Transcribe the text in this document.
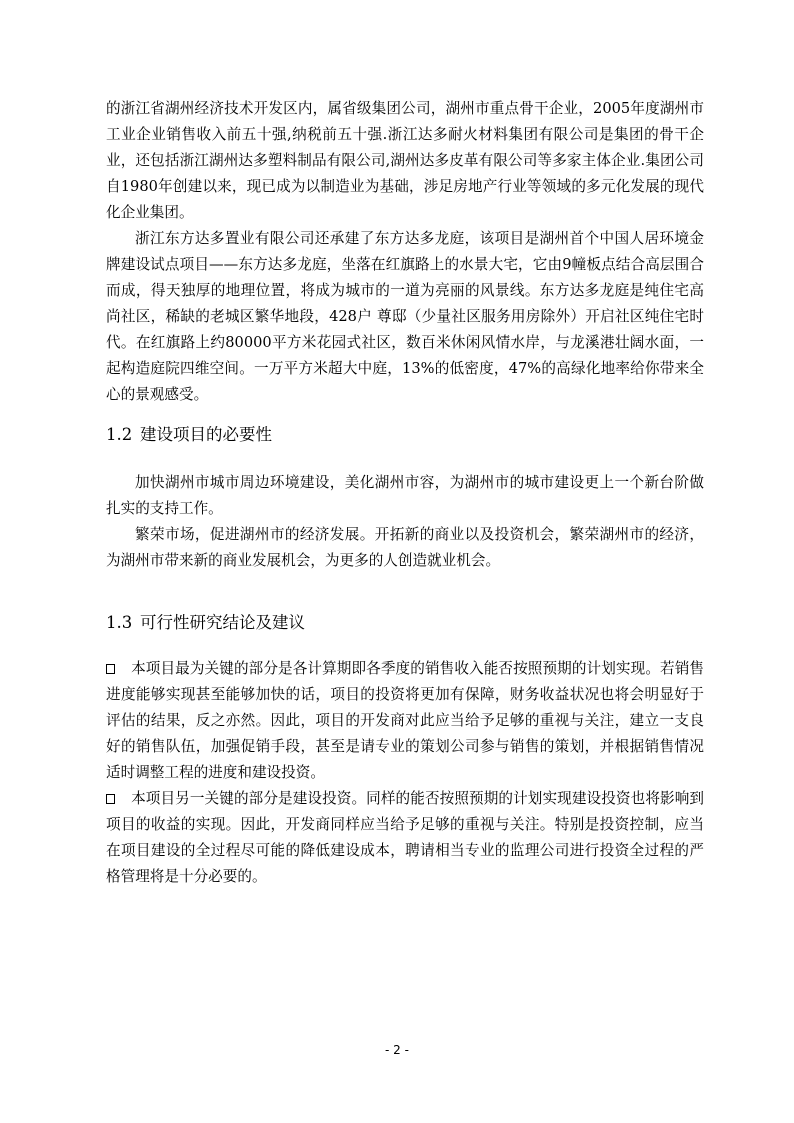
的浙江省湖州经济技术开发区内，属省级集团公司，湖州市重点骨干企业，2005年度湖州市工业企业销售收入前五十强,纳税前五十强.浙江达多耐火材料集团有限公司是集团的骨干企业，还包括浙江湖州达多塑料制品有限公司,湖州达多皮革有限公司等多家主体企业.集团公司自1980年创建以来，现已成为以制造业为基础，涉足房地产行业等领域的多元化发展的现代化企业集团。

浙江东方达多置业有限公司还承建了东方达多龙庭，该项目是湖州首个中国人居环境金牌建设试点项目——东方达多龙庭，坐落在红旗路上的水景大宅，它由9幢板点结合高层围合而成，得天独厚的地理位置，将成为城市的一道为亮丽的风景线。东方达多龙庭是纯住宅高尚社区，稀缺的老城区繁华地段，428户 尊邸（少量社区服务用房除外）开启社区纯住宅时代。在红旗路上约80000平方米花园式社区，数百米休闲风情水岸，与龙溪港壮阔水面，一起构造庭院四维空间。一万平方米超大中庭，13%的低密度，47%的高绿化地率给你带来全心的景观感受。

1.2 建设项目的必要性

加快湖州市城市周边环境建设，美化湖州市容，为湖州市的城市建设更上一个新台阶做扎实的支持工作。

繁荣市场，促进湖州市的经济发展。开拓新的商业以及投资机会，繁荣湖州市的经济，为湖州市带来新的商业发展机会，为更多的人创造就业机会。

1.3 可行性研究结论及建议

本项目最为关键的部分是各计算期即各季度的销售收入能否按照预期的计划实现。若销售进度能够实现甚至能够加快的话，项目的投资将更加有保障，财务收益状况也将会明显好于评估的结果，反之亦然。因此，项目的开发商对此应当给予足够的重视与关注，建立一支良好的销售队伍，加强促销手段，甚至是请专业的策划公司参与销售的策划，并根据销售情况适时调整工程的进度和建设投资。

本项目另一关键的部分是建设投资。同样的能否按照预期的计划实现建设投资也将影响到项目的收益的实现。因此，开发商同样应当给予足够的重视与关注。特别是投资控制，应当在项目建设的全过程尽可能的降低建设成本，聘请相当专业的监理公司进行投资全过程的严格管理将是十分必要的。

- 2 -
